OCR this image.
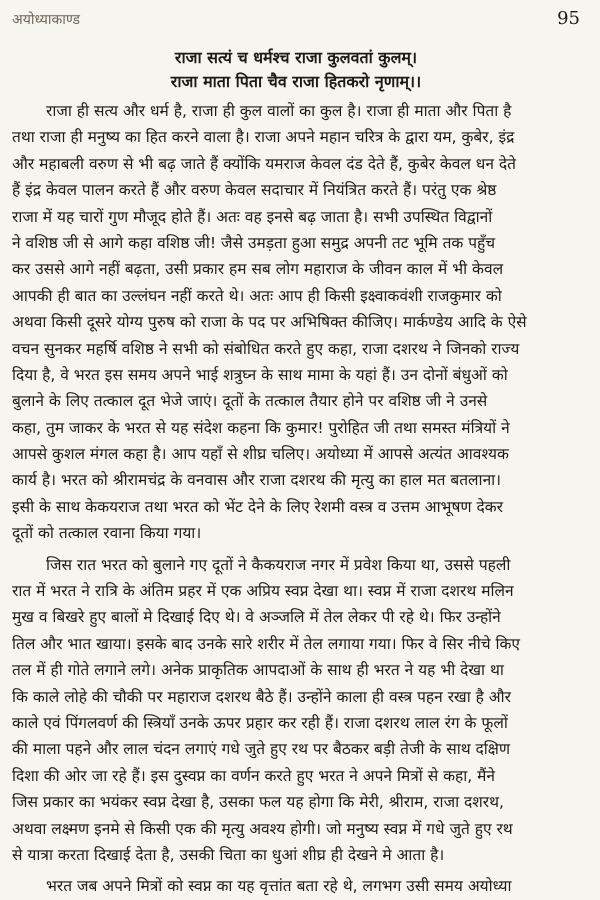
अयोध्याकाण्ड	95
राजा सत्यं च धर्मश्च राजा कुलवतां कुलम्।
राजा माता पिता चैव राजा हितकरो नृणाम्।।
राजा ही सत्य और धर्म है, राजा ही कुल वालों का कुल है। राजा ही माता और पिता है
तथा राजा ही मनुष्य का हित करने वाला है। राजा अपने महान चरित्र के द्वारा यम, कुबेर, इंद्र
और महाबली वरुण से भी बढ़ जाते हैं क्योंकि यमराज केवल दंड देते हैं, कुबेर केवल धन देते
हैं इंद्र केवल पालन करते हैं और वरुण केवल सदाचार में नियंत्रित करते हैं। परंतु एक श्रेष्ठ
राजा में यह चारों गुण मौजूद होते हैं। अतः वह इनसे बढ़ जाता है। सभी उपस्थित विद्वानों
ने वशिष्ठ जी से आगे कहा वशिष्ठ जी! जैसे उमड़ता हुआ समुद्र अपनी तट भूमि तक पहुँच
कर उससे आगे नहीं बढ़ता, उसी प्रकार हम सब लोग महाराज के जीवन काल में भी केवल
आपकी ही बात का उल्लंघन नहीं करते थे। अतः आप ही किसी इक्ष्वाकवंशी राजकुमार को
अथवा किसी दूसरे योग्य पुरुष को राजा के पद पर अभिषिक्त कीजिए। मार्कण्डेय आदि के ऐसे
वचन सुनकर महर्षि वशिष्ठ ने सभी को संबोधित करते हुए कहा, राजा दशरथ ने जिनको राज्य
दिया है, वे भरत इस समय अपने भाई शत्रुघ्न के साथ मामा के यहां हैं। उन दोनों बंधुओं को
बुलाने के लिए तत्काल दूत भेजे जाएं। दूतों के तत्काल तैयार होने पर वशिष्ठ जी ने उनसे
कहा, तुम जाकर के भरत से यह संदेश कहना कि कुमार! पुरोहित जी तथा समस्त मंत्रियों ने
आपसे कुशल मंगल कहा है। आप यहाँ से शीघ्र चलिए। अयोध्या में आपसे अत्यंत आवश्यक
कार्य है। भरत को श्रीरामचंद्र के वनवास और राजा दशरथ की मृत्यु का हाल मत बतलाना।
इसी के साथ केकयराज तथा भरत को भेंट देने के लिए रेशमी वस्त्र व उत्तम आभूषण देकर
दूतों को तत्काल रवाना किया गया।
जिस रात भरत को बुलाने गए दूतों ने कैकयराज नगर में प्रवेश किया था, उससे पहली
रात में भरत ने रात्रि के अंतिम प्रहर में एक अप्रिय स्वप्न देखा था। स्वप्न में राजा दशरथ मलिन
मुख व बिखरे हुए बालों मे दिखाई दिए थे। वे अञ्जलि में तेल लेकर पी रहे थे। फिर उन्होंने
तिल और भात खाया। इसके बाद उनके सारे शरीर में तेल लगाया गया। फिर वे सिर नीचे किए
तल में ही गोते लगाने लगे। अनेक प्राकृतिक आपदाओं के साथ ही भरत ने यह भी देखा था
कि काले लोहे की चौकी पर महाराज दशरथ बैठे हैं। उन्होंने काला ही वस्त्र पहन रखा है और
काले एवं पिंगलवर्ण की स्त्रियाँ उनके ऊपर प्रहार कर रही हैं। राजा दशरथ लाल रंग के फूलों
की माला पहने और लाल चंदन लगाएं गधे जुते हुए रथ पर बैठकर बड़ी तेजी के साथ दक्षिण
दिशा की ओर जा रहे हैं। इस दुस्वप्न का वर्णन करते हुए भरत ने अपने मित्रों से कहा, मैंने
जिस प्रकार का भयंकर स्वप्न देखा है, उसका फल यह होगा कि मेरी, श्रीराम, राजा दशरथ,
अथवा लक्ष्मण इनमे से किसी एक की मृत्यु अवश्य होगी। जो मनुष्य स्वप्न में गधे जुते हुए रथ
से यात्रा करता दिखाई देता है, उसकी चिता का धुआं शीघ्र ही देखने मे आता है।
भरत जब अपने मित्रों को स्वप्न का यह वृत्तांत बता रहे थे, लगभग उसी समय अयोध्या
